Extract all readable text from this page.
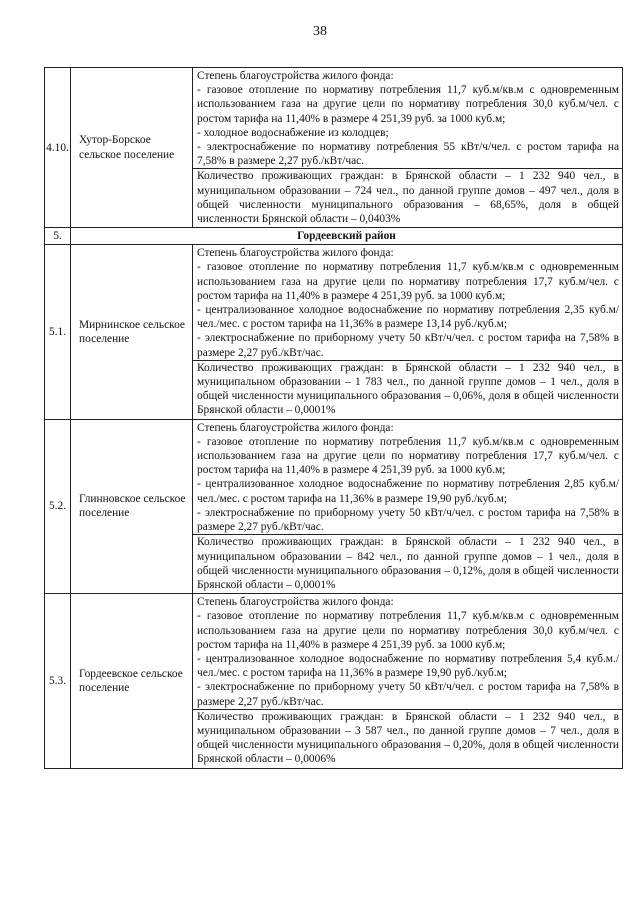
38
4.10.	Хутор-Борское сельское поселение	Степень благоустройства жилого фонда:
- газовое отопление по нормативу потребления 11,7 куб.м/кв.м с одновременным использованием газа на другие цели по нормативу потребления 30,0 куб.м/чел. с ростом тарифа на 11,40% в размере 4 251,39 руб. за 1000 куб.м;
- холодное водоснабжение из колодцев;
- электроснабжение по нормативу потребления 55 кВт/ч/чел. с ростом тарифа на 7,58% в размере 2,27 руб./кВт/час.
Количество проживающих граждан: в Брянской области – 1 232 940 чел., в муниципальном образовании – 724 чел., по данной группе домов – 497 чел., доля в общей численности муниципального образования – 68,65%, доля в общей численности Брянской области – 0,0403%

5.	Гордеевский район	
5.1.	Мирнинское сельское поселение	Степень благоустройства жилого фонда:
- газовое отопление по нормативу потребления 11,7 куб.м/кв.м с одновременным использованием газа на другие цели по нормативу потребления 17,7 куб.м/чел. с ростом тарифа на 11,40% в размере 4 251,39 руб. за 1000 куб.м;
- централизованное холодное водоснабжение по нормативу потребления 2,35 куб.м/чел./мес. с ростом тарифа на 11,36% в размере 13,14 руб./куб.м;
- электроснабжение по приборному учету 50 кВт/ч/чел. с ростом тарифа на 7,58% в размере 2,27 руб./кВт/час.
Количество проживающих граждан: в Брянской области – 1 232 940 чел., в муниципальном образовании – 1 783 чел., по данной группе домов – 1 чел., доля в общей численности муниципального образования – 0,06%, доля в общей численности Брянской области – 0,0001%

5.2.	Глинновское сельское поселение	Степень благоустройства жилого фонда:
- газовое отопление по нормативу потребления 11,7 куб.м/кв.м с одновременным использованием газа на другие цели по нормативу потребления 17,7 куб.м/чел. с ростом тарифа на 11,40% в размере 4 251,39 руб. за 1000 куб.м;
- централизованное холодное водоснабжение по нормативу потребления 2,85 куб.м/чел./мес. с ростом тарифа на 11,36% в размере 19,90 руб./куб.м;
- электроснабжение по приборному учету 50 кВт/ч/чел. с ростом тарифа на 7,58% в размере 2,27 руб./кВт/час.
Количество проживающих граждан: в Брянской области – 1 232 940 чел., в муниципальном образовании – 842 чел., по данной группе домов – 1 чел., доля в общей численности муниципального образования – 0,12%, доля в общей численности Брянской области – 0,0001%

5.3.	Гордеевское сельское поселение	Степень благоустройства жилого фонда:
- газовое отопление по нормативу потребления 11,7 куб.м/кв.м с одновременным использованием газа на другие цели по нормативу потребления 30,0 куб.м/чел. с ростом тарифа на 11,40% в размере 4 251,39 руб. за 1000 куб.м;
- централизованное холодное водоснабжение по нормативу потребления 5,4 куб.м./чел./мес. с ростом тарифа на 11,36% в размере 19,90 руб./куб.м;
- электроснабжение по приборному учету 50 кВт/ч/чел. с ростом тарифа на 7,58% в размере 2,27 руб./кВт/час.
Количество проживающих граждан: в Брянской области – 1 232 940 чел., в муниципальном образовании – 3 587 чел., по данной группе домов – 7 чел., доля в общей численности муниципального образования – 0,20%, доля в общей численности Брянской области – 0,0006%
